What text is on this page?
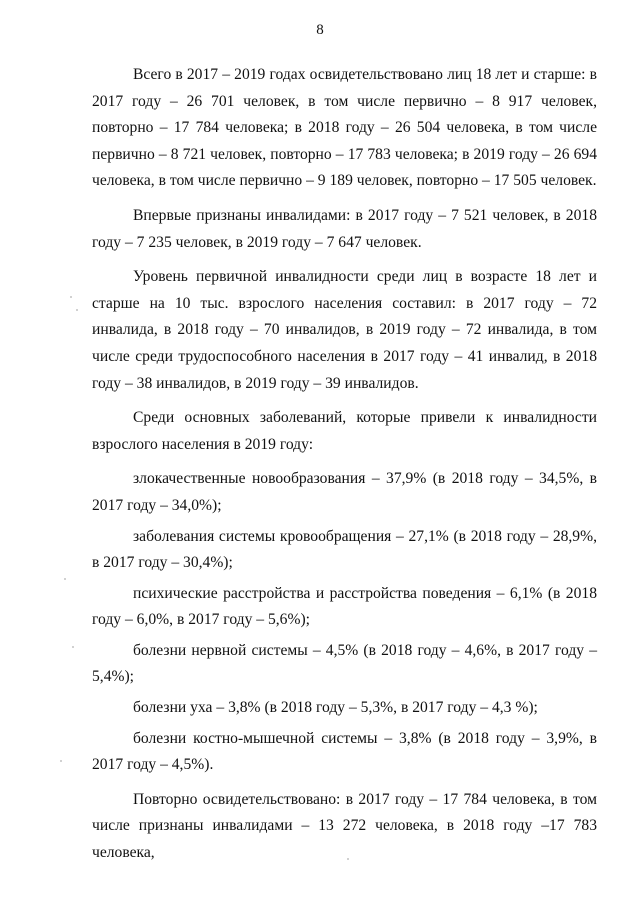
8

Всего в 2017 – 2019 годах освидетельствовано лиц 18 лет и старше: в 2017 году – 26 701 человек, в том числе первично – 8 917 человек, повторно – 17 784 человека; в 2018 году – 26 504 человека, в том числе первично – 8 721 человек, повторно – 17 783 человека; в 2019 году – 26 694 человека, в том числе первично – 9 189 человек, повторно – 17 505 человек.

Впервые признаны инвалидами: в 2017 году – 7 521 человек, в 2018 году – 7 235 человек, в 2019 году – 7 647 человек.

Уровень первичной инвалидности среди лиц в возрасте 18 лет и старше на 10 тыс. взрослого населения составил: в 2017 году – 72 инвалида, в 2018 году – 70 инвалидов, в 2019 году – 72 инвалида, в том числе среди трудоспособного населения в 2017 году – 41 инвалид, в 2018 году – 38 инвалидов, в 2019 году – 39 инвалидов.

Среди основных заболеваний, которые привели к инвалидности взрослого населения в 2019 году:

злокачественные новообразования – 37,9% (в 2018 году – 34,5%, в 2017 году – 34,0%);

заболевания системы кровообращения – 27,1% (в 2018 году – 28,9%, в 2017 году – 30,4%);

психические расстройства и расстройства поведения – 6,1% (в 2018 году – 6,0%, в 2017 году – 5,6%);

болезни нервной системы – 4,5% (в 2018 году – 4,6%, в 2017 году – 5,4%);

болезни уха – 3,8% (в 2018 году – 5,3%, в 2017 году – 4,3 %);

болезни костно-мышечной системы – 3,8% (в 2018 году – 3,9%, в 2017 году – 4,5%).

Повторно освидетельствовано: в 2017 году – 17 784 человека, в том числе признаны инвалидами – 13 272 человека, в 2018 году –17 783 человека,
